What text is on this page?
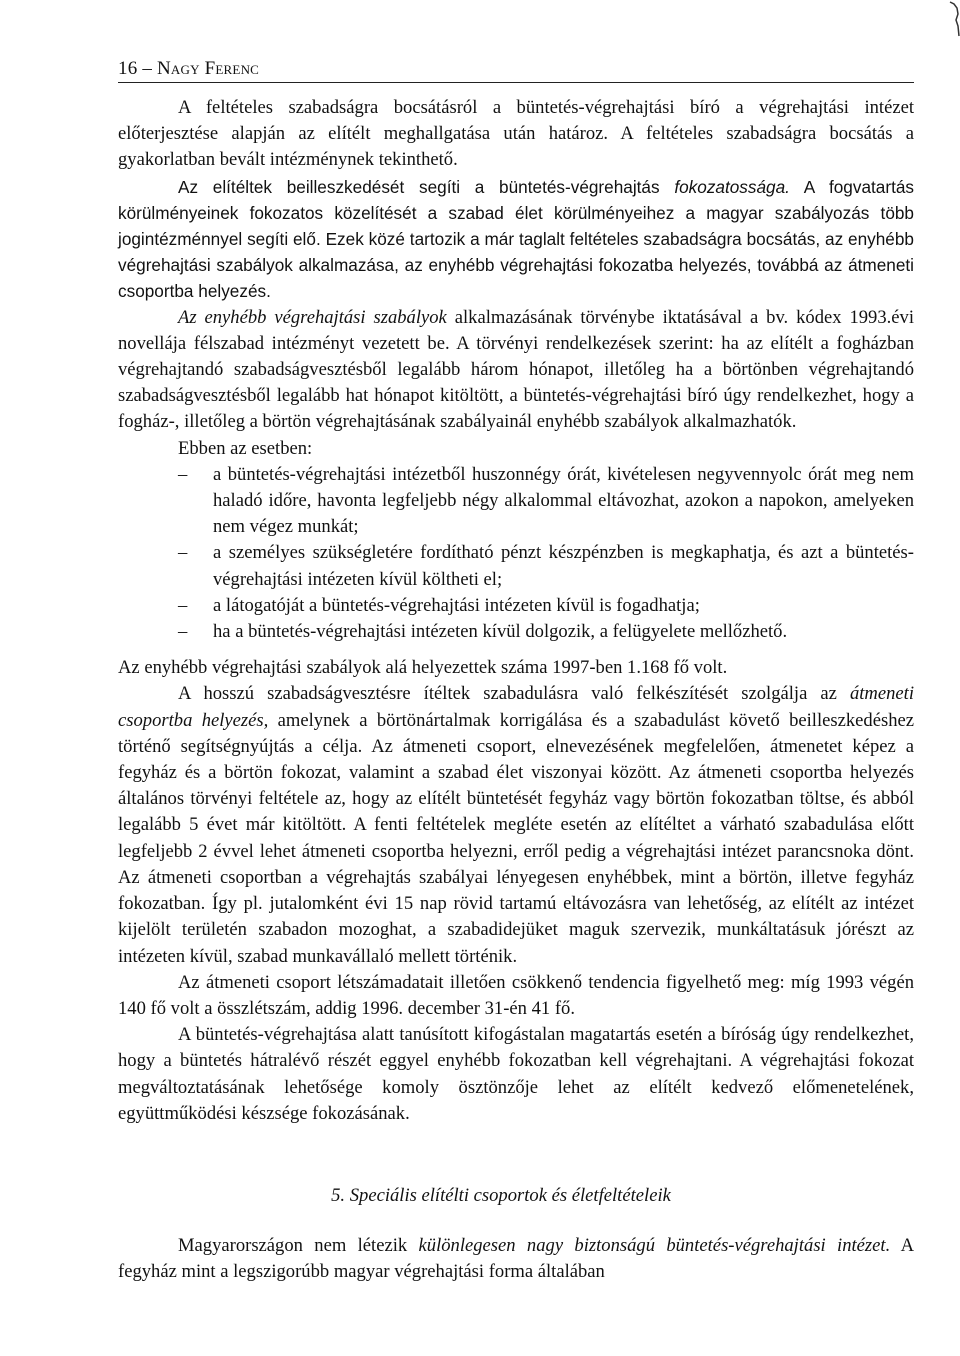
16 – Nagy Ferenc

A feltételes szabadságra bocsátásról a büntetés-végrehajtási bíró a végrehajtási intézet előterjesztése alapján az elítélt meghallgatása után határoz. A feltételes szabadságra bocsátás a gyakorlatban bevált intézménynek tekinthető.

Az elítéltek beilleszkedését segíti a büntetés-végrehajtás fokozatossága. A fogvatartás körülményeinek fokozatos közelítését a szabad élet körülményeihez a magyar szabályozás több jogintézménnyel segíti elő. Ezek közé tartozik a már taglalt feltételes szabadságra bocsátás, az enyhébb végrehajtási szabályok alkalmazása, az enyhébb végrehajtási fokozatba helyezés, továbbá az átmeneti csoportba helyezés.

Az enyhébb végrehajtási szabályok alkalmazásának törvénybe iktatásával a bv. kódex 1993.évi novellája félszabad intézményt vezetett be. A törvényi rendelkezések szerint: ha az elítélt a fogházban végrehajtandó szabadságvesztésből legalább három hónapot, illetőleg ha a börtönben végrehajtandó szabadságvesztésből legalább hat hónapot kitöltött, a büntetés-végrehajtási bíró úgy rendelkezhet, hogy a fogház-, illetőleg a börtön végrehajtásának szabályainál enyhébb szabályok alkalmazhatók.

Ebben az esetben:

– a büntetés-végrehajtási intézetből huszonnégy órát, kivételesen negyvennyolc órát meg nem haladó időre, havonta legfeljebb négy alkalommal eltávozhat, azokon a napokon, amelyeken nem végez munkát;
– a személyes szükségletére fordítható pénzt készpénzben is megkaphatja, és azt a büntetés-végrehajtási intézeten kívül költheti el;
– a látogatóját a büntetés-végrehajtási intézeten kívül is fogadhatja;
– ha a büntetés-végrehajtási intézeten kívül dolgozik, a felügyelete mellőzhető.

Az enyhébb végrehajtási szabályok alá helyezettek száma 1997-ben 1.168 fő volt.

A hosszú szabadságvesztésre ítéltek szabadulásra való felkészítését szolgálja az átmeneti csoportba helyezés, amelynek a börtönártalmak korrigálása és a szabadulást követő beilleszkedéshez történő segítségnyújtás a célja. Az átmeneti csoport, elnevezésének megfelelően, átmenetet képez a fegyház és a börtön fokozat, valamint a szabad élet viszonyai között. Az átmeneti csoportba helyezés általános törvényi feltétele az, hogy az elítélt büntetését fegyház vagy börtön fokozatban töltse, és abból legalább 5 évet már kitöltött. A fenti feltételek megléte esetén az elítéltet a várható szabadulása előtt legfeljebb 2 évvel lehet átmeneti csoportba helyezni, erről pedig a végrehajtási intézet parancsnoka dönt. Az átmeneti csoportban a végrehajtás szabályai lényegesen enyhébbek, mint a börtön, illetve fegyház fokozatban. Így pl. jutalomként évi 15 nap rövid tartamú eltávozásra van lehetőség, az elítélt az intézet kijelölt területén szabadon mozoghat, a szabadidejüket maguk szervezik, munkáltatásuk jórészt az intézeten kívül, szabad munkavállaló mellett történik.

Az átmeneti csoport létszámadatait illetően csökkenő tendencia figyelhető meg: míg 1993 végén 140 fő volt a összlétszám, addig 1996. december 31-én 41 fő.

A büntetés-végrehajtása alatt tanúsított kifogástalan magatartás esetén a bíróság úgy rendelkezhet, hogy a büntetés hátralévő részét eggyel enyhébb fokozatban kell végrehajtani. A végrehajtási fokozat megváltoztatásának lehetősége komoly ösztönzője lehet az elítélt kedvező előmenetelének, együttműködési készsége fokozásának.

5. Speciális elítélti csoportok és életfeltételeik

Magyarországon nem létezik különlegesen nagy biztonságú büntetés-végrehajtási intézet. A fegyház mint a legszigorúbb magyar végrehajtási forma általában
